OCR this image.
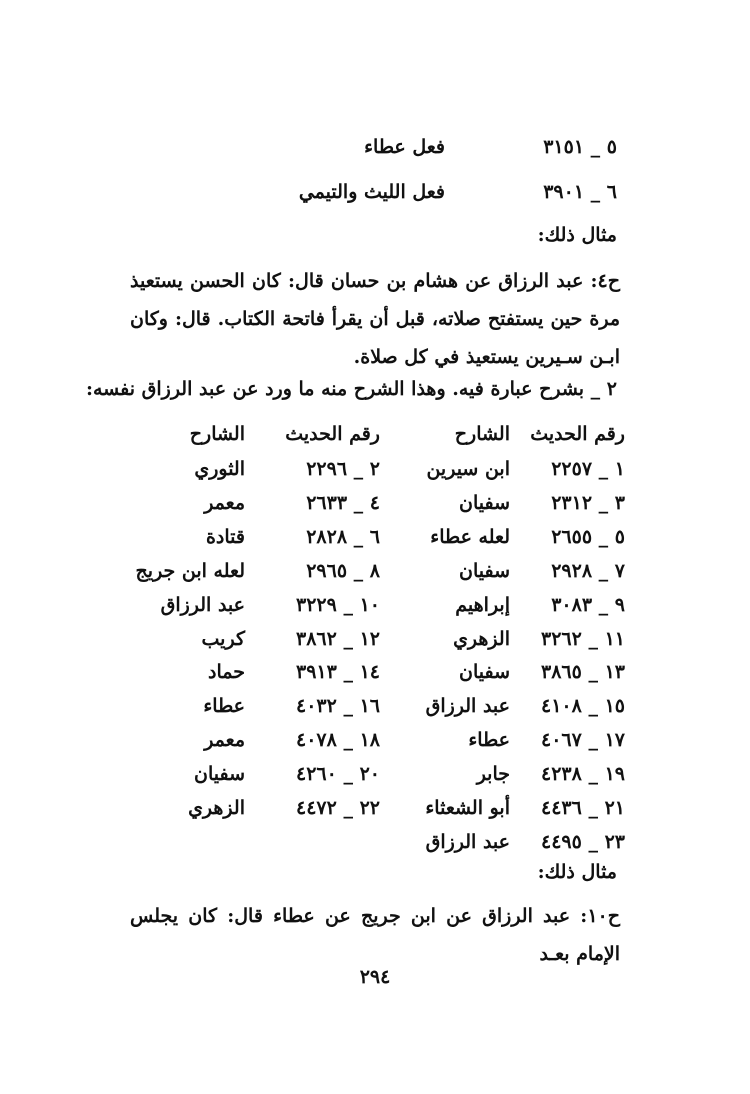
٥ _ ٣١٥١
فعل عطاء
٦ _ ٣٩٠١
فعل الليث والتيمي
مثال ذلك:
ح٤: عبد الرزاق عن هشام بن حسان قال: كان الحسن يستعيذ مرة حين يستفتح صلاته، قبل أن يقرأ فاتحة الكتاب. قال: وكان ابـن سـيرين يستعيذ في كل صلاة.
٢ _ بشرح عبارة فيه. وهذا الشرح منه ما ورد عن عبد الرزاق نفسه:
رقم الحديث
الشارح
رقم الحديث
الشارح
١ _ ٢٢٥٧
ابن سيرين
٢ _ ٢٢٩٦
الثوري
٣ _ ٢٣١٢
سفيان
٤ _ ٢٦٣٣
معمر
٥ _ ٢٦٥٥
لعله عطاء
٦ _ ٢٨٢٨
قتادة
٧ _ ٢٩٢٨
سفيان
٨ _ ٢٩٦٥
لعله ابن جريج
٩ _ ٣٠٨٣
إبراهيم
١٠ _ ٣٢٢٩
عبد الرزاق
١١ _ ٣٢٦٢
الزهري
١٢ _ ٣٨٦٢
كريب
١٣ _ ٣٨٦٥
سفيان
١٤ _ ٣٩١٣
حماد
١٥ _ ٤١٠٨
عبد الرزاق
١٦ _ ٤٠٣٢
عطاء
١٧ _ ٤٠٦٧
عطاء
١٨ _ ٤٠٧٨
معمر
١٩ _ ٤٢٣٨
جابر
٢٠ _ ٤٢٦٠
سفيان
٢١ _ ٤٤٣٦
أبو الشعثاء
٢٢ _ ٤٤٧٢
الزهري
٢٣ _ ٤٤٩٥
عبد الرزاق
مثال ذلك:
ح١٠: عبد الرزاق عن ابن جريج عن عطاء قال: كان يجلس الإمام بعـد
٢٩٤
